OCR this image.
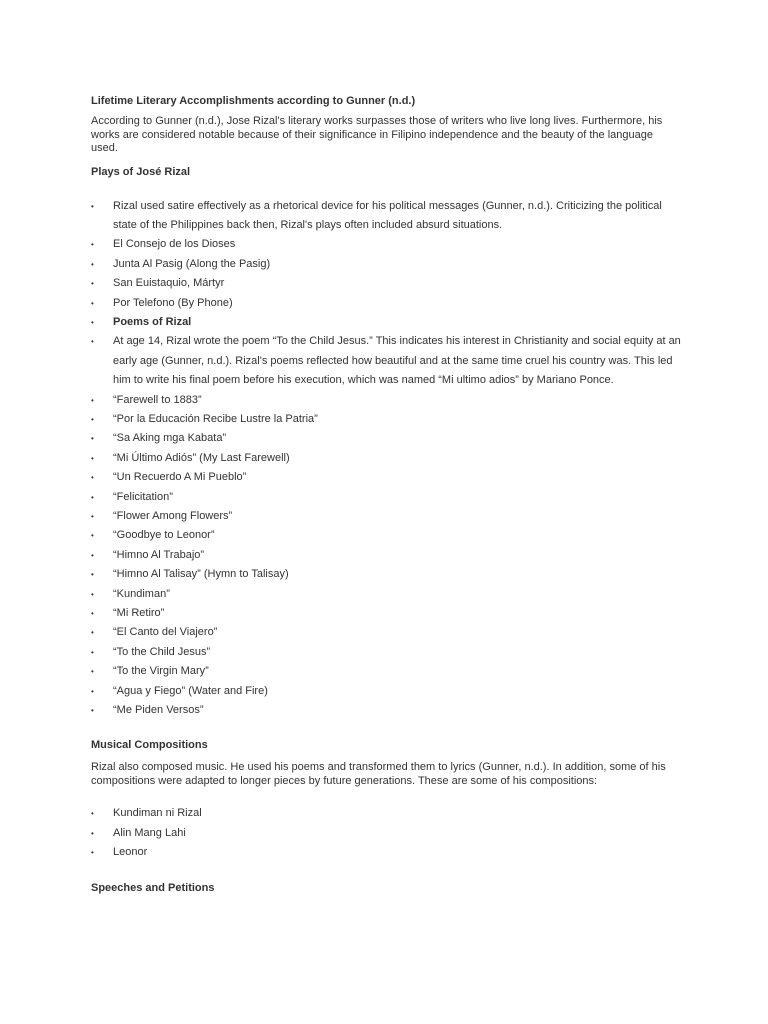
Lifetime Literary Accomplishments according to Gunner (n.d.)

According to Gunner (n.d.), Jose Rizal's literary works surpasses those of writers who live long lives. Furthermore, his works are considered notable because of their significance in Filipino independence and the beauty of the language used.

Plays of José Rizal

• Rizal used satire effectively as a rhetorical device for his political messages (Gunner, n.d.). Criticizing the political state of the Philippines back then, Rizal's plays often included absurd situations.
• El Consejo de los Dioses
• Junta Al Pasig (Along the Pasig)
• San Euistaquio, Mártyr
• Por Telefono (By Phone)
• Poems of Rizal
• At age 14, Rizal wrote the poem “To the Child Jesus.” This indicates his interest in Christianity and social equity at an early age (Gunner, n.d.). Rizal's poems reflected how beautiful and at the same time cruel his country was. This led him to write his final poem before his execution, which was named “Mi ultimo adios” by Mariano Ponce.
• “Farewell to 1883”
• “Por la Educación Recibe Lustre la Patria”
• “Sa Aking mga Kabata”
• “Mi Último Adiós” (My Last Farewell)
• “Un Recuerdo A Mi Pueblo”
• “Felicitation”
• “Flower Among Flowers”
• “Goodbye to Leonor”
• “Himno Al Trabajo”
• “Himno Al Talisay” (Hymn to Talisay)
• “Kundiman”
• “Mi Retiro”
• “El Canto del Viajero”
• “To the Child Jesus”
• “To the Virgin Mary”
• “Agua y Fiego” (Water and Fire)
• “Me Piden Versos”

Musical Compositions

Rizal also composed music. He used his poems and transformed them to lyrics (Gunner, n.d.). In addition, some of his compositions were adapted to longer pieces by future generations. These are some of his compositions:

• Kundiman ni Rizal
• Alin Mang Lahi
• Leonor

Speeches and Petitions
